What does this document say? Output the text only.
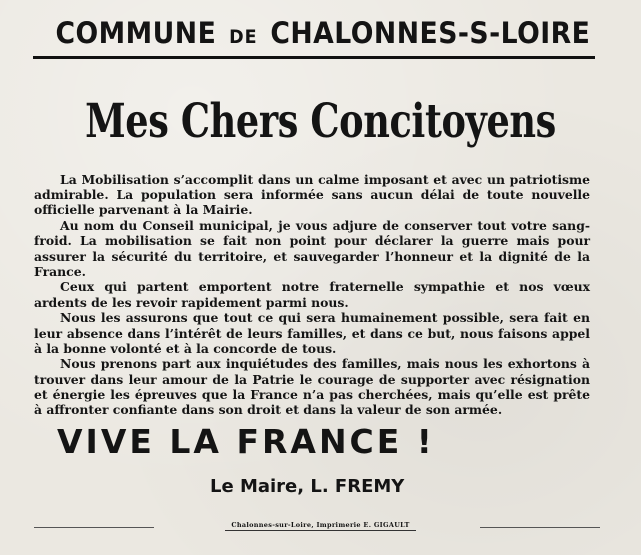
COMMUNE DE CHALONNES-S-LOIRE
Mes Chers Concitoyens

La Mobilisation s’accomplit dans un calme imposant et avec un patriotisme admirable. La population sera informée sans aucun délai de toute nouvelle officielle parvenant à la Mairie.

Au nom du Conseil municipal, je vous adjure de conserver tout votre sang-froid. La mobilisation se fait non point pour déclarer la guerre mais pour assurer la sécurité du territoire, et sauvegarder l’honneur et la dignité de la France.

Ceux qui partent emportent notre fraternelle sympathie et nos vœux ardents de les revoir rapidement parmi nous.

Nous les assurons que tout ce qui sera humainement possible, sera fait en leur absence dans l’intérêt de leurs familles, et dans ce but, nous faisons appel à la bonne volonté et à la concorde de tous.

Nous prenons part aux inquiétudes des familles, mais nous les exhortons à trouver dans leur amour de la Patrie le courage de supporter avec résignation et énergie les épreuves que la France n’a pas cherchées, mais qu’elle est prête à affronter confiante dans son droit et dans la valeur de son armée.

VIVE LA FRANCE !
Le Maire, L. FREMY
Chalonnes-sur-Loire, Imprimerie E. GIGAULT
